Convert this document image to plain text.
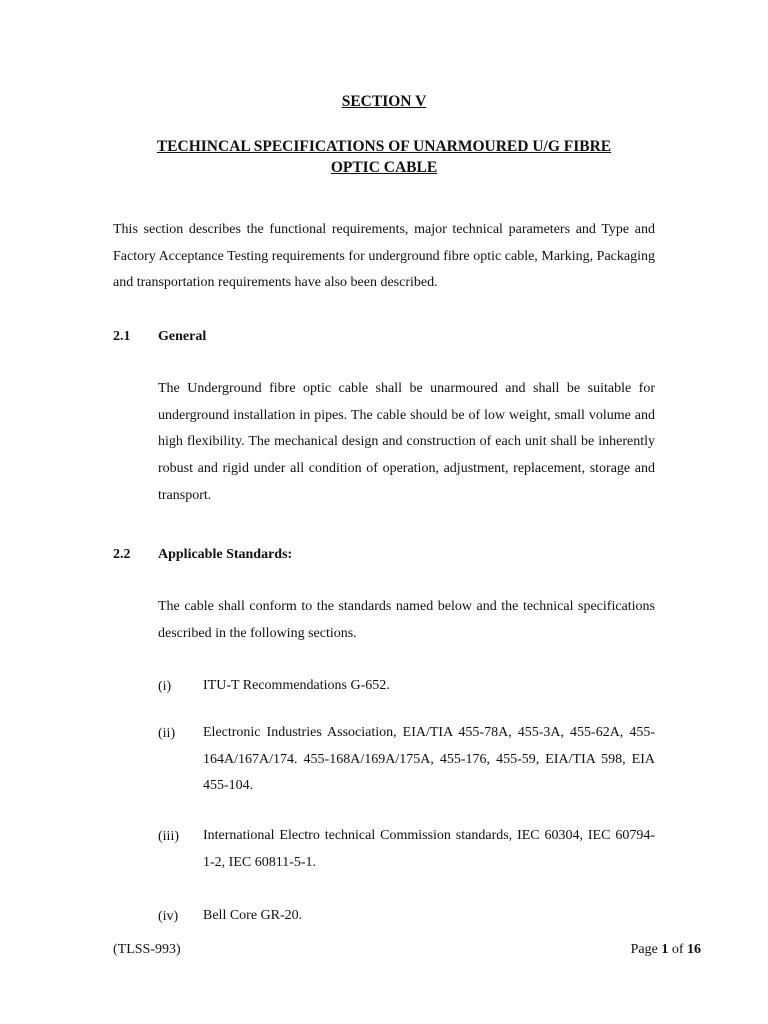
SECTION V
TECHINCAL SPECIFICATIONS OF UNARMOURED U/G FIBRE
OPTIC CABLE

This section describes the functional requirements, major technical parameters and Type and Factory Acceptance Testing requirements for underground fibre optic cable, Marking, Packaging and transportation requirements have also been described.

2.1 General

The Underground fibre optic cable shall be unarmoured and shall be suitable for underground installation in pipes. The cable should be of low weight, small volume and high flexibility. The mechanical design and construction of each unit shall be inherently robust and rigid under all condition of operation, adjustment, replacement, storage and transport.

2.2 Applicable Standards:

The cable shall conform to the standards named below and the technical specifications described in the following sections.

(i) ITU-T Recommendations G-652.

(ii) Electronic Industries Association, EIA/TIA 455-78A, 455-3A, 455-62A, 455-164A/167A/174. 455-168A/169A/175A, 455-176, 455-59, EIA/TIA 598, EIA 455-104.

(iii) International Electro technical Commission standards, IEC 60304, IEC 60794-1-2, IEC 60811-5-1.

(iv) Bell Core GR-20.

(TLSS-993)	Page 1 of 16
